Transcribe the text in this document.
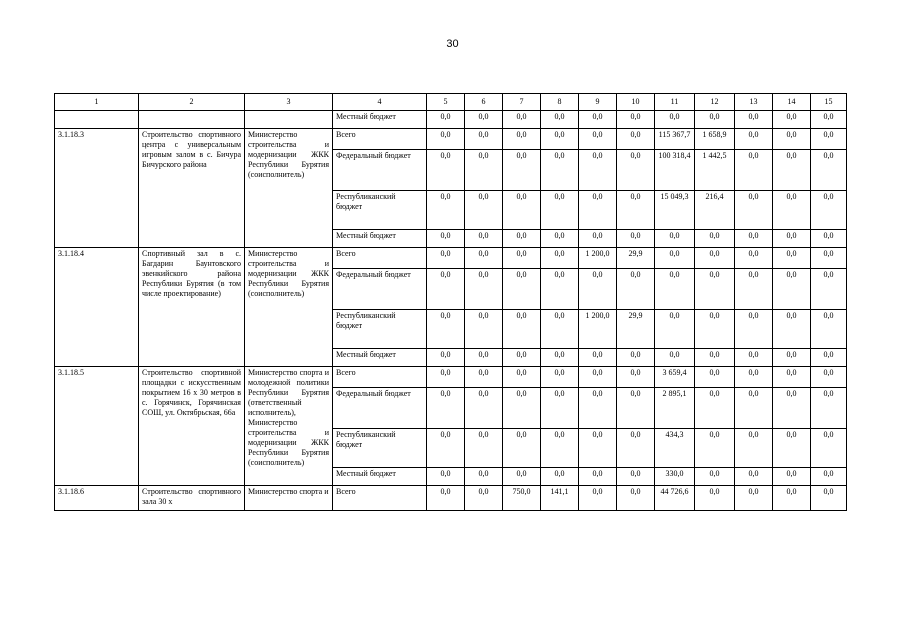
30
1	2	3	4	5	6	7	8	9	10	11	12	13	14	15
			Местный бюджет	0,0	0,0	0,0	0,0	0,0	0,0	0,0	0,0	0,0	0,0	0,0
3.1.18.3	Строительство спортивного центра с универсальным игровым залом в с. Бичура Бичурского района	Министерство строительства и модернизации ЖКК Республики Бурятия (соисполнитель)	Всего	0,0	0,0	0,0	0,0	0,0	0,0	115 367,7	1 658,9	0,0	0,0	0,0
			Федеральный бюджет	0,0	0,0	0,0	0,0	0,0	0,0	100 318,4	1 442,5	0,0	0,0	0,0
			Республиканский бюджет	0,0	0,0	0,0	0,0	0,0	0,0	15 049,3	216,4	0,0	0,0	0,0
			Местный бюджет	0,0	0,0	0,0	0,0	0,0	0,0	0,0	0,0	0,0	0,0	0,0
3.1.18.4	Спортивный зал в с. Багдарин Баунтовского эвенкийского района Республики Бурятия (в том числе проектирование)	Министерство строительства и модернизации ЖКК Республики Бурятия (соисполнитель)	Всего	0,0	0,0	0,0	0,0	1 200,0	29,9	0,0	0,0	0,0	0,0	0,0
			Федеральный бюджет	0,0	0,0	0,0	0,0	0,0	0,0	0,0	0,0	0,0	0,0	0,0
			Республиканский бюджет	0,0	0,0	0,0	0,0	1 200,0	29,9	0,0	0,0	0,0	0,0	0,0
			Местный бюджет	0,0	0,0	0,0	0,0	0,0	0,0	0,0	0,0	0,0	0,0	0,0
3.1.18.5	Строительство спортивной площадки с искусственным покрытием 16 х 30 метров в с. Горячинск, Горячинская СОШ, ул. Октябрьская, 66а	Министерство спорта и молодежной политики Республики Бурятия (ответственный исполнитель), Министерство строительства и модернизации ЖКК Республики Бурятия (соисполнитель)	Всего	0,0	0,0	0,0	0,0	0,0	0,0	3 659,4	0,0	0,0	0,0	0,0
			Федеральный бюджет	0,0	0,0	0,0	0,0	0,0	0,0	2 895,1	0,0	0,0	0,0	0,0
			Республиканский бюджет	0,0	0,0	0,0	0,0	0,0	0,0	434,3	0,0	0,0	0,0	0,0
			Местный бюджет	0,0	0,0	0,0	0,0	0,0	0,0	330,0	0,0	0,0	0,0	0,0
3.1.18.6	Строительство спортивного зала 30 х	Министерство спорта и	Всего	0,0	0,0	750,0	141,1	0,0	0,0	44 726,6	0,0	0,0	0,0	0,0
